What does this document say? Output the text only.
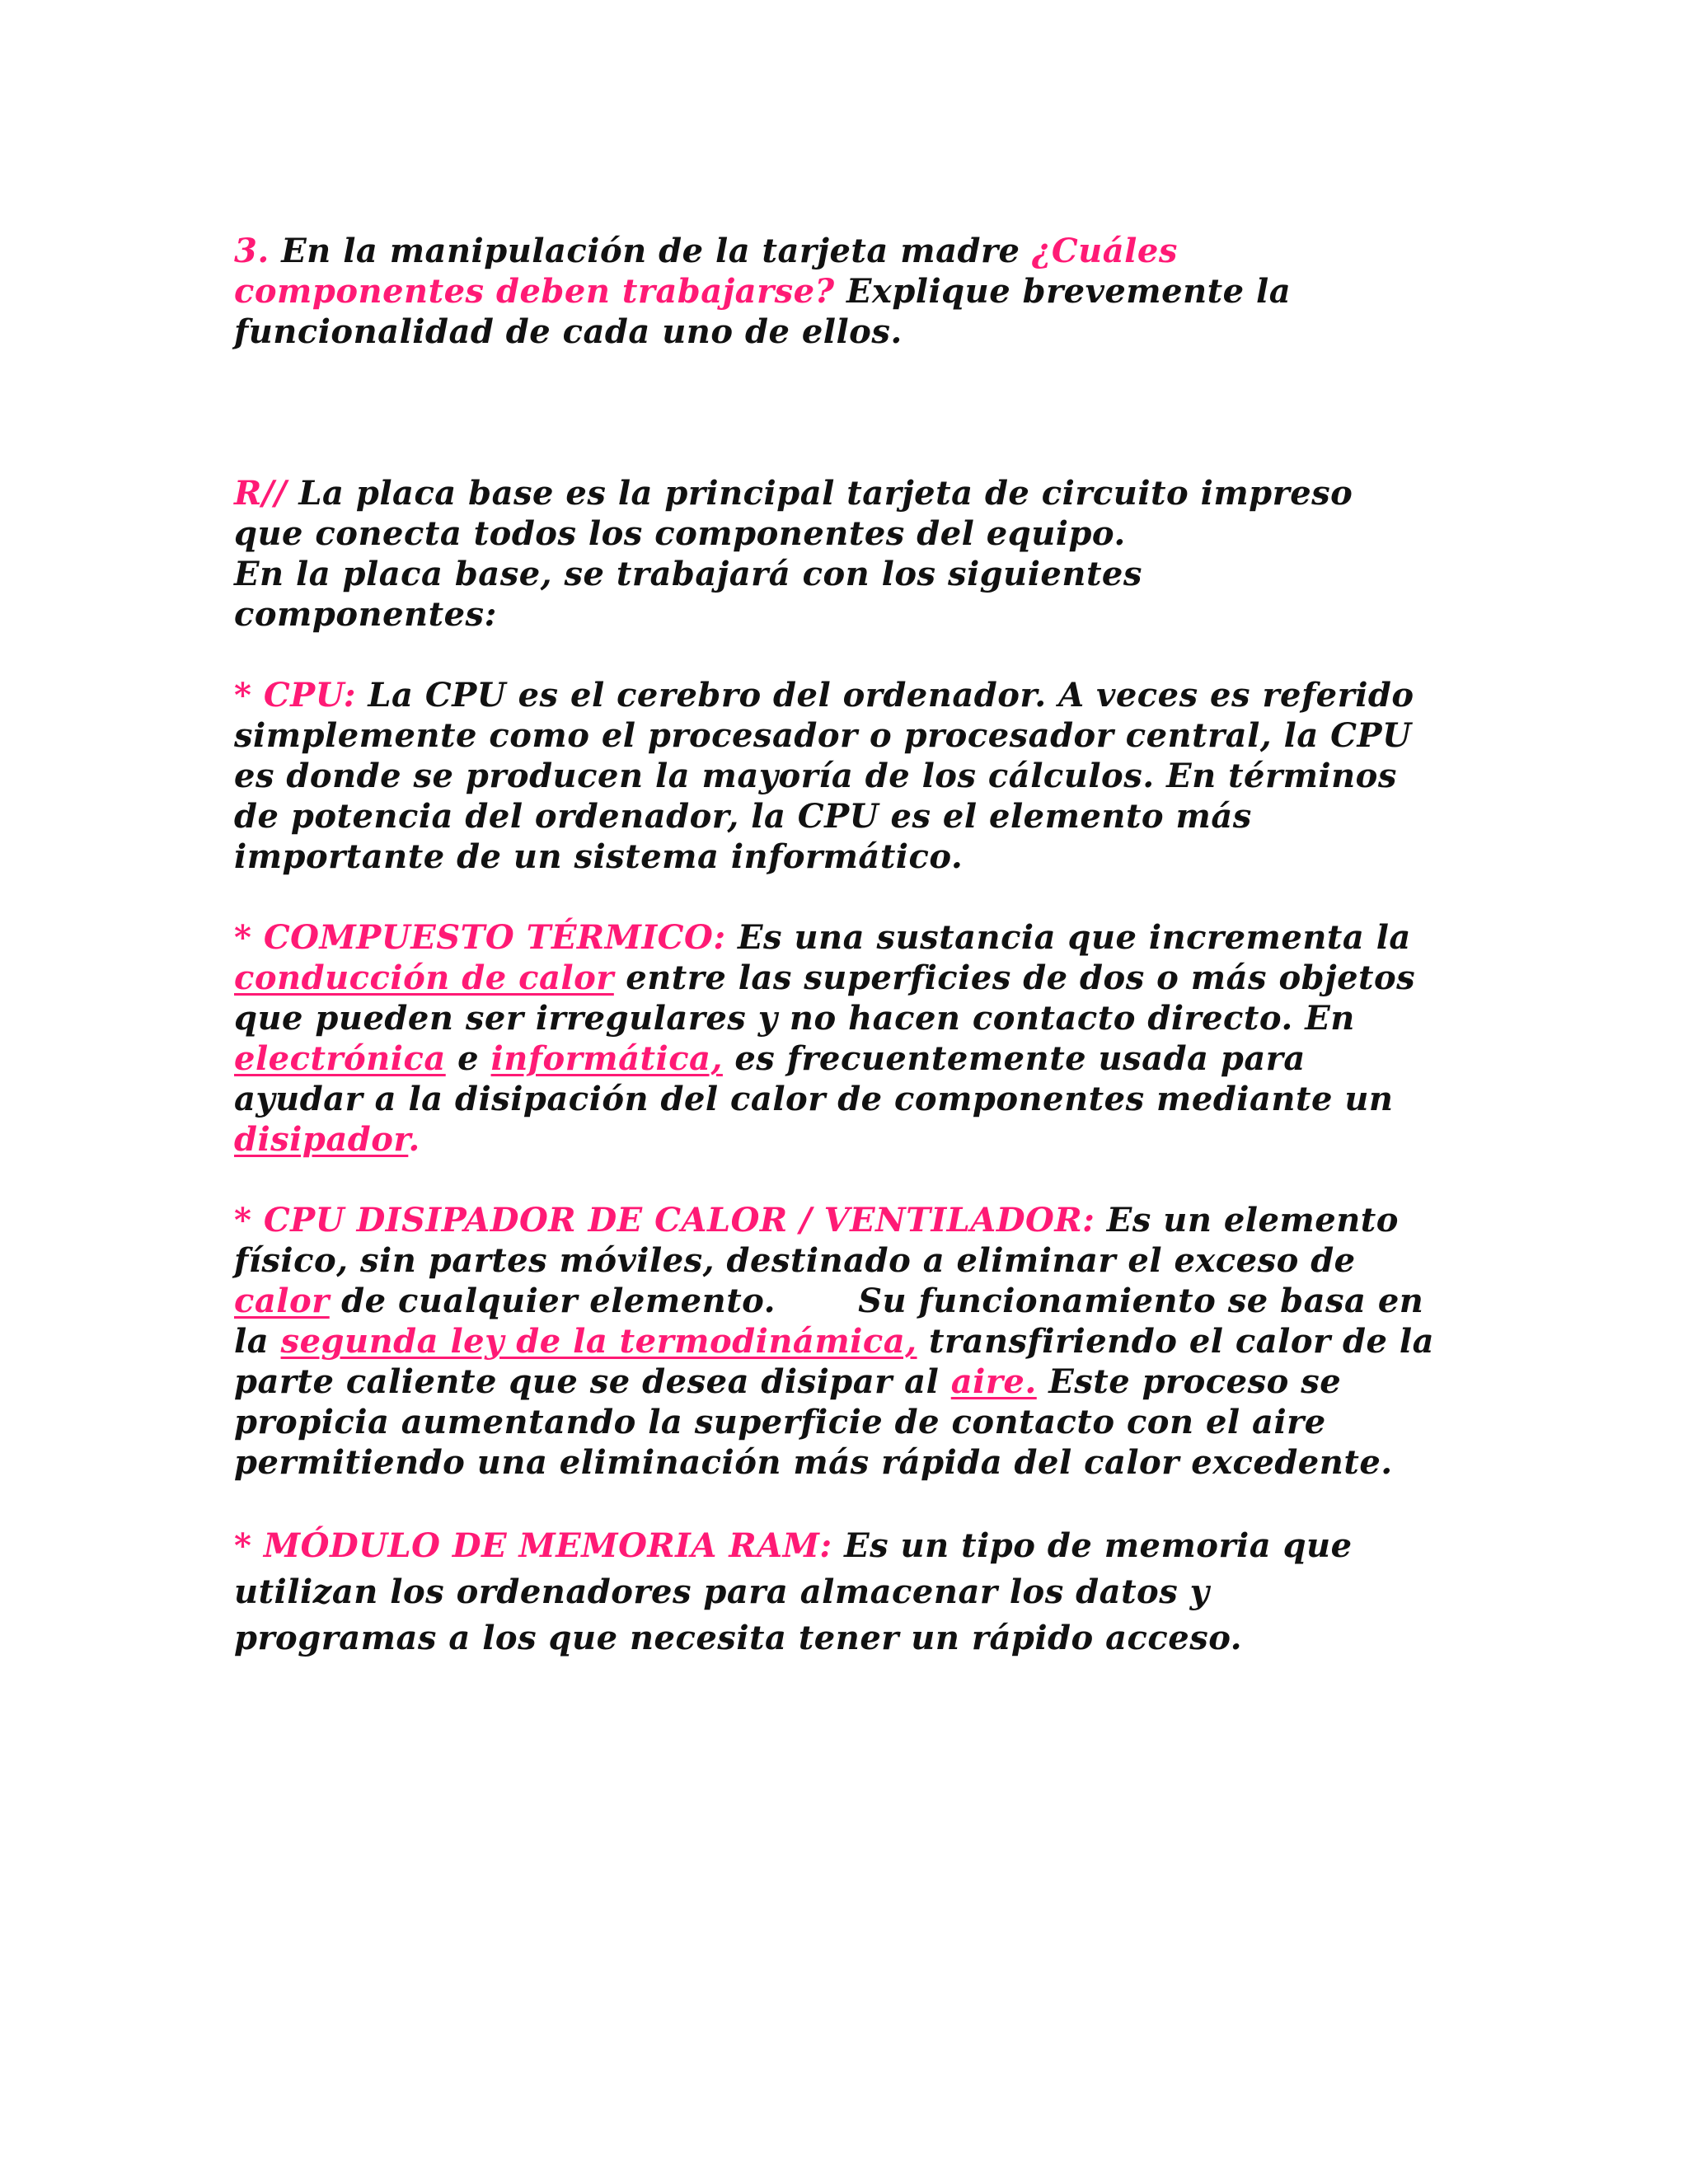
3. En la manipulación de la tarjeta madre ¿Cuáles componentes deben trabajarse? Explique brevemente la funcionalidad de cada uno de ellos.

R// La placa base es la principal tarjeta de circuito impreso que conecta todos los componentes del equipo.
En la placa base, se trabajará con los siguientes componentes:

* CPU: La CPU es el cerebro del ordenador. A veces es referido simplemente como el procesador o procesador central, la CPU es donde se producen la mayoría de los cálculos. En términos de potencia del ordenador, la CPU es el elemento más importante de un sistema informático.

* COMPUESTO TÉRMICO: Es una sustancia que incrementa la conducción de calor entre las superficies de dos o más objetos que pueden ser irregulares y no hacen contacto directo. En electrónica e informática, es frecuentemente usada para ayudar a la disipación del calor de componentes mediante un disipador.

* CPU DISIPADOR DE CALOR / VENTILADOR: Es un elemento físico, sin partes móviles, destinado a eliminar el exceso de calor de cualquier elemento.	Su funcionamiento se basa en la segunda ley de la termodinámica, transfiriendo el calor de la parte caliente que se desea disipar al aire. Este proceso se propicia aumentando la superficie de contacto con el aire permitiendo una eliminación más rápida del calor excedente.

* MÓDULO DE MEMORIA RAM: Es un tipo de memoria que utilizan los ordenadores para almacenar los datos y programas a los que necesita tener un rápido acceso.
